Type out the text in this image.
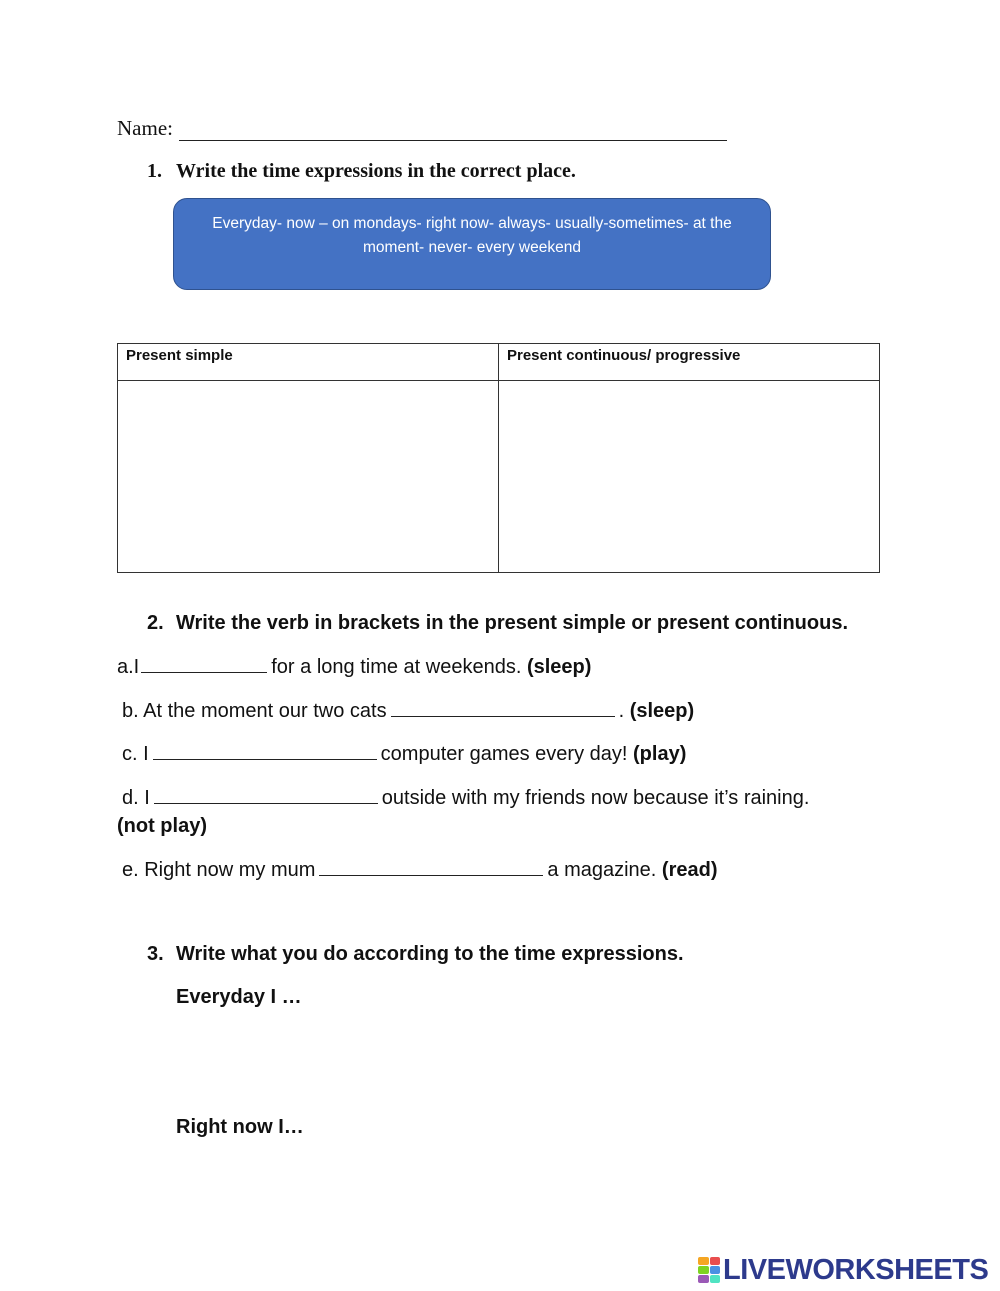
Name:
1. Write the time expressions in the correct place.
Everyday- now – on mondays- right now- always- usually-sometimes- at the moment- never- every weekend
Present simple	Present continuous/ progressive

2. Write the verb in brackets in the present simple or present continuous.
a.I	for a long time at weekends. (sleep)
b. At the moment our two cats	. (sleep)
c. I	computer games every day! (play)
d. I	outside with my friends now because it’s raining.
(not play)
e. Right now my mum	a magazine. (read)
3. Write what you do according to the time expressions.
Everyday I …
Right now I…
LIVEWORKSHEETS
